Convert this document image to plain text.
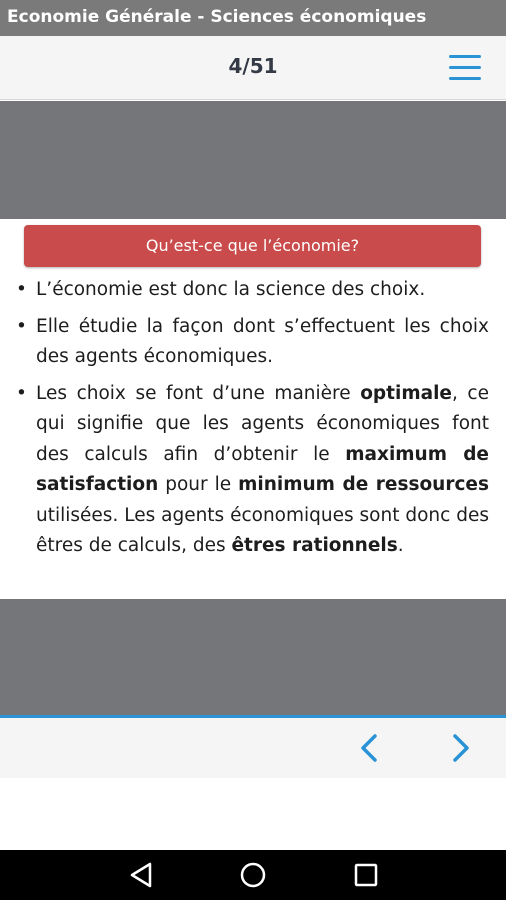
Economie Générale - Sciences économiques
4/51
Qu’est-ce que l’économie?
• L’économie est donc la science des choix.
• Elle étudie la façon dont s’effectuent les choix des agents économiques.
• Les choix se font d’une manière optimale, ce qui signifie que les agents économiques font des calculs afin d’obtenir le maximum de satisfaction pour le minimum de ressources utilisées. Les agents économiques sont donc des êtres de calculs, des êtres rationnels.
